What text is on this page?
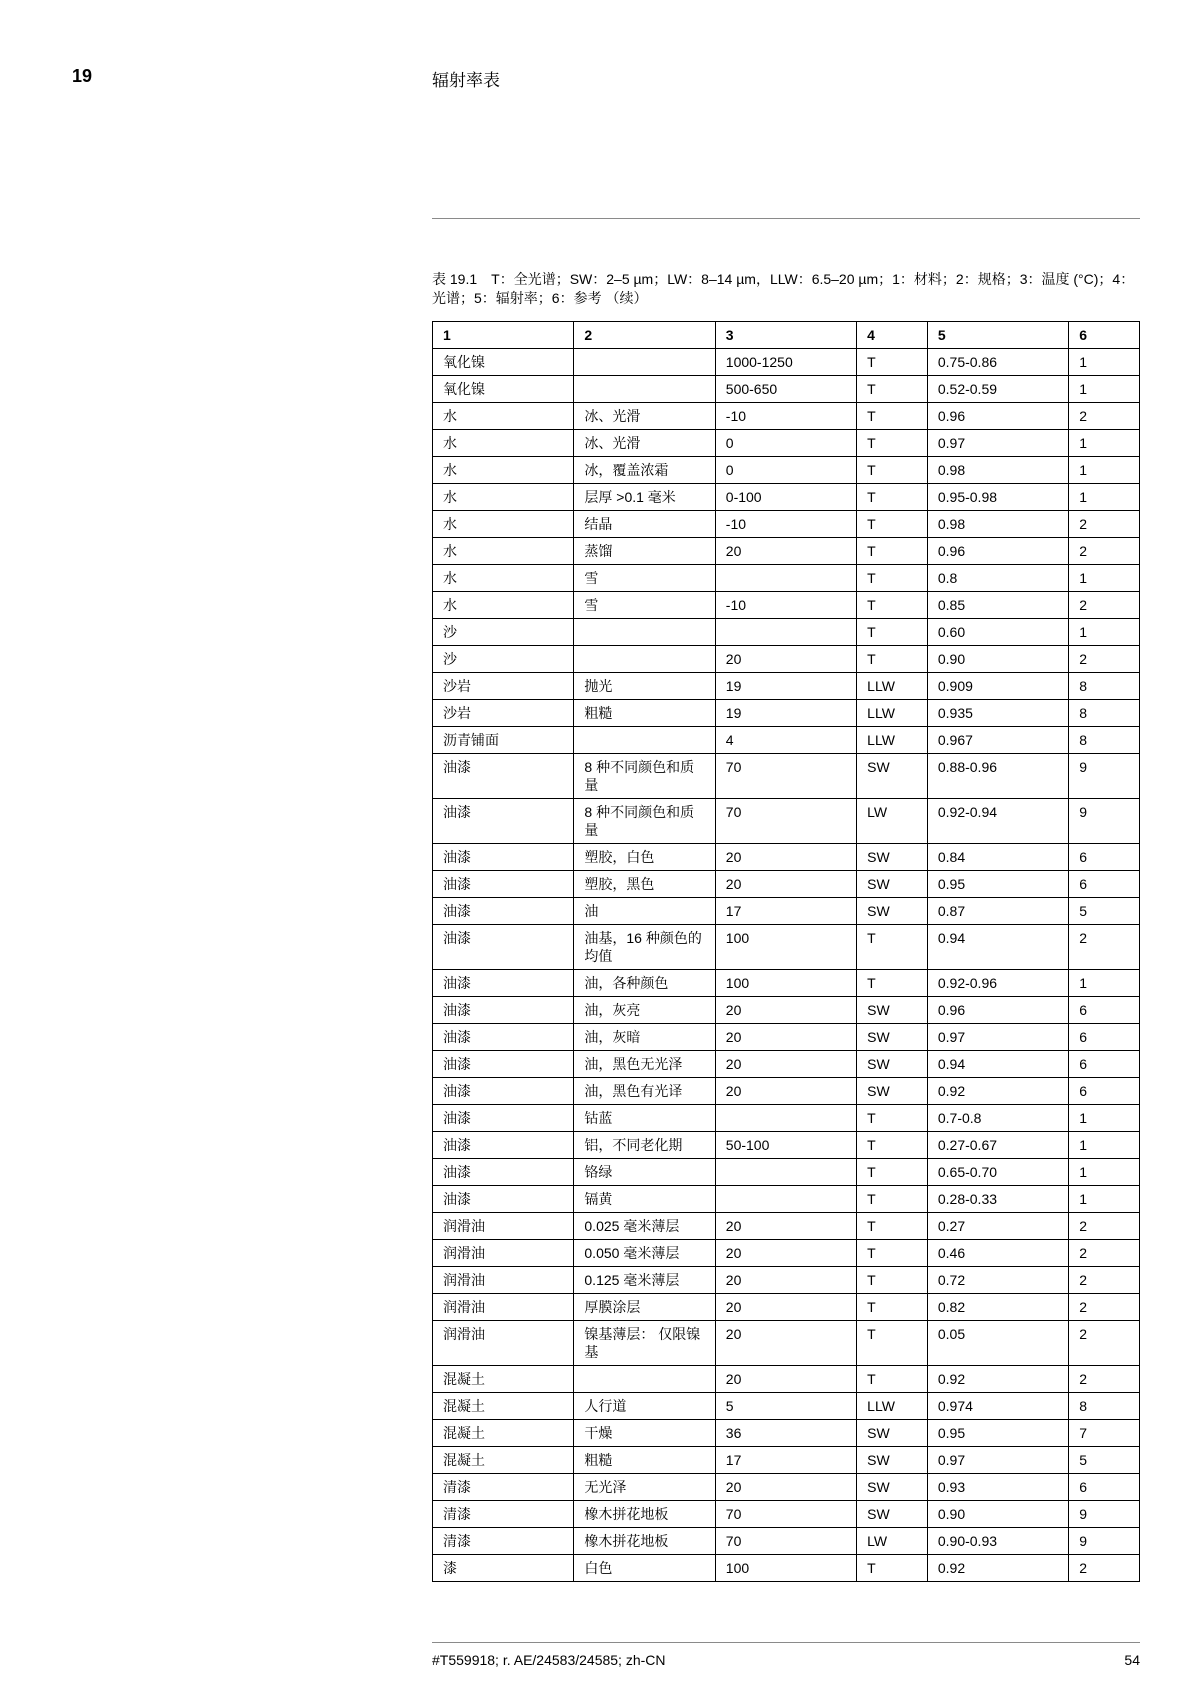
19	辐射率表
表 19.1　T：全光谱；SW：2–5 µm；LW：8–14 µm，LLW：6.5–20 µm；1：材料；2：规格；3：温度 (°C)；4：光谱；5：辐射率；6：参考 （续）
1	2	3	4	5	6
氧化镍		1000-1250	T	0.75-0.86	1
氧化镍		500-650	T	0.52-0.59	1
水	冰、光滑	-10	T	0.96	2
水	冰、光滑	0	T	0.97	1
水	冰，覆盖浓霜	0	T	0.98	1
水	层厚 >0.1 毫米	0-100	T	0.95-0.98	1
水	结晶	-10	T	0.98	2
水	蒸馏	20	T	0.96	2
水	雪		T	0.8	1
水	雪	-10	T	0.85	2
沙			T	0.60	1
沙		20	T	0.90	2
沙岩	抛光	19	LLW	0.909	8
沙岩	粗糙	19	LLW	0.935	8
沥青铺面		4	LLW	0.967	8
油漆	8 种不同颜色和质量	70	SW	0.88-0.96	9
油漆	8 种不同颜色和质量	70	LW	0.92-0.94	9
油漆	塑胶，白色	20	SW	0.84	6
油漆	塑胶，黑色	20	SW	0.95	6
油漆	油	17	SW	0.87	5
油漆	油基，16 种颜色的均值	100	T	0.94	2
油漆	油，各种颜色	100	T	0.92-0.96	1
油漆	油，灰亮	20	SW	0.96	6
油漆	油，灰暗	20	SW	0.97	6
油漆	油，黑色无光泽	20	SW	0.94	6
油漆	油，黑色有光译	20	SW	0.92	6
油漆	钴蓝		T	0.7-0.8	1
油漆	铝，不同老化期	50-100	T	0.27-0.67	1
油漆	铬绿		T	0.65-0.70	1
油漆	镉黄		T	0.28-0.33	1
润滑油	0.025 毫米薄层	20	T	0.27	2
润滑油	0.050 毫米薄层	20	T	0.46	2
润滑油	0.125 毫米薄层	20	T	0.72	2
润滑油	厚膜涂层	20	T	0.82	2
润滑油	镍基薄层： 仅限镍基	20	T	0.05	2
混凝土		20	T	0.92	2
混凝土	人行道	5	LLW	0.974	8
混凝土	干燥	36	SW	0.95	7
混凝土	粗糙	17	SW	0.97	5
清漆	无光泽	20	SW	0.93	6
清漆	橡木拼花地板	70	SW	0.90	9
清漆	橡木拼花地板	70	LW	0.90-0.93	9
漆	白色	100	T	0.92	2
#T559918; r. AE/24583/24585; zh-CN	54
